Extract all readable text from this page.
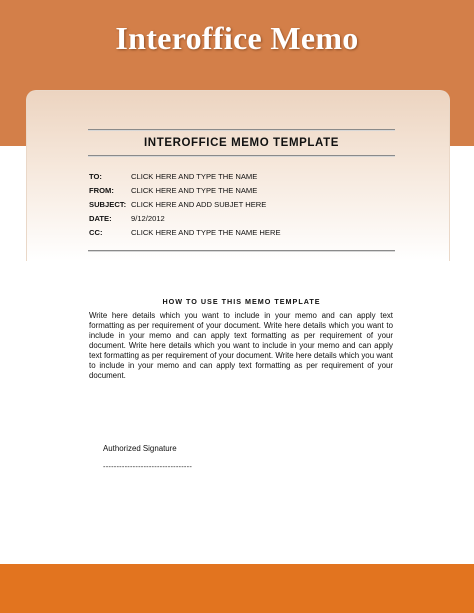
Interoffice Memo
INTEROFFICE MEMO TEMPLATE
TO:	CLICK HERE AND TYPE THE NAME
FROM: CLICK HERE AND TYPE THE NAME
SUBJECT: CLICK HERE AND ADD SUBJET HERE
DATE:	9/12/2012
CC:	CLICK HERE AND TYPE THE NAME HERE
HOW TO USE THIS MEMO TEMPLATE
Write here details which you want to include in your memo and can apply text formatting as per requirement of your document. Write here details which you want to include in your memo and can apply text formatting as per requirement of your document. Write here details which you want to include in your memo and can apply text formatting as per requirement of your document. Write here details which you want to include in your memo and can apply text formatting as per requirement of your document.
Authorized Signature
---------------------------------
